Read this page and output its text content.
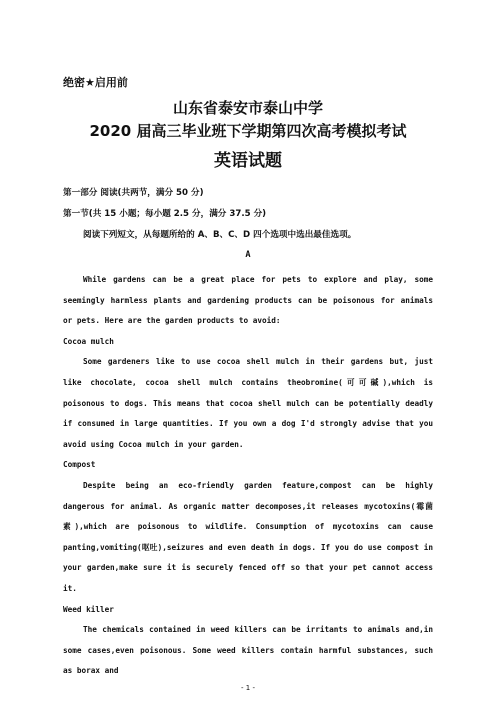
绝密★启用前
山东省泰安市泰山中学
2020 届高三毕业班下学期第四次高考模拟考试
英语试题
第一部分 阅读(共两节，满分 50 分)
第一节(共 15 小题；每小题 2.5 分，满分 37.5 分)
阅读下列短文，从每题所给的 A、B、C、D 四个选项中选出最佳选项。
A

While gardens can be a great place for pets to explore and play, some seemingly harmless plants and gardening products can be poisonous for animals or pets. Here are the garden products to avoid:

Cocoa mulch

Some gardeners like to use cocoa shell mulch in their gardens but, just like chocolate, cocoa shell mulch contains theobromine(可可碱),which is poisonous to dogs. This means that cocoa shell mulch can be potentially deadly if consumed in large quantities. If you own a dog I'd strongly advise that you avoid using Cocoa mulch in your garden.

Compost

Despite being an eco-friendly garden feature,compost can be highly dangerous for animal. As organic matter decomposes,it releases mycotoxins(霉菌素),which are poisonous to wildlife. Consumption of mycotoxins can cause panting,vomiting(呕吐),seizures and even death in dogs. If you do use compost in your garden,make sure it is securely fenced off so that your pet cannot access it.

Weed killer

The chemicals contained in weed killers can be irritants to animals and,in some cases,even poisonous. Some weed killers contain harmful substances, such as borax and

- 1 -
